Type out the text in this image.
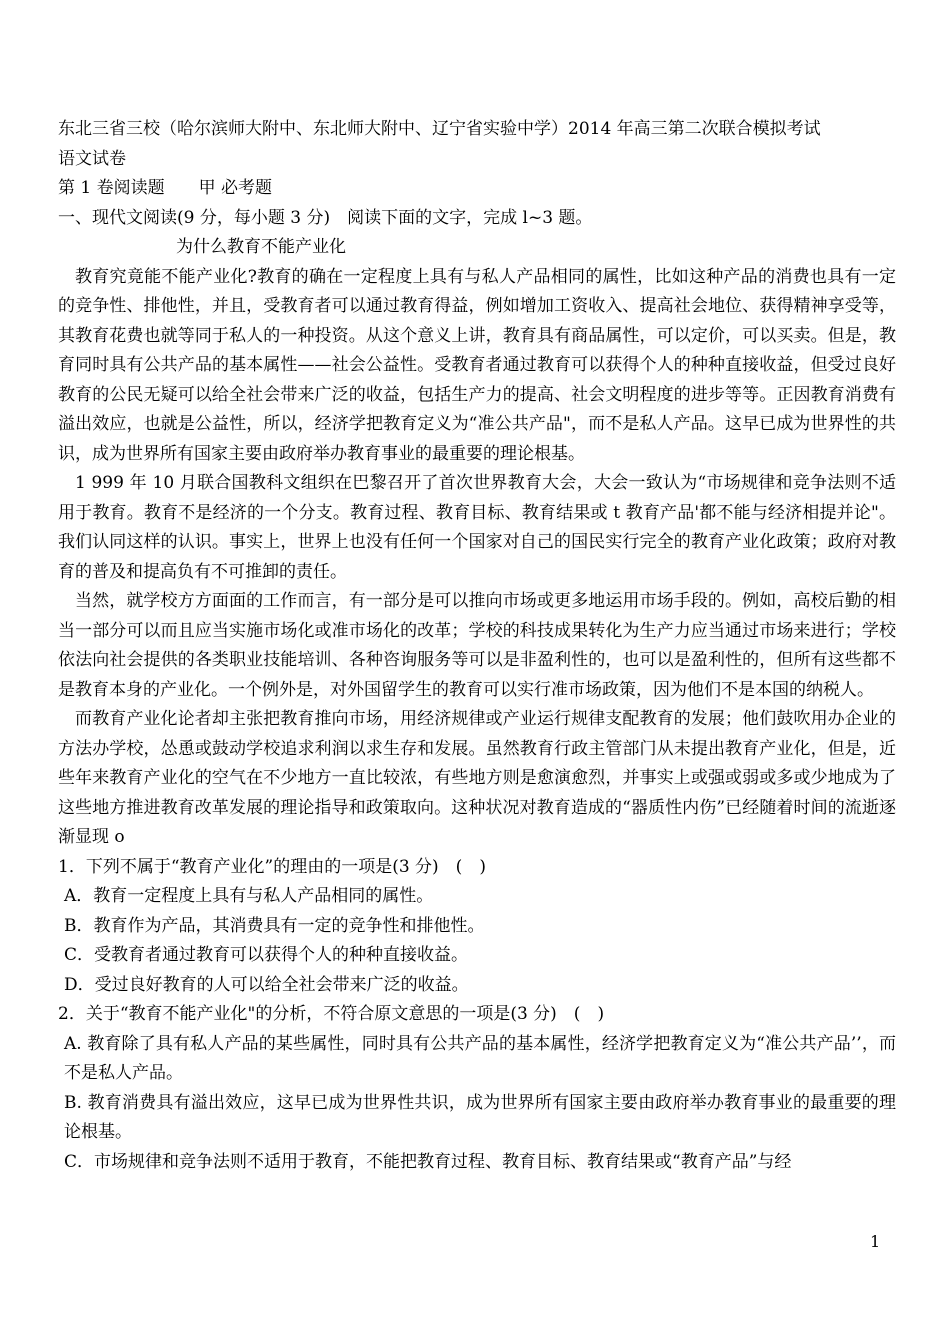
东北三省三校（哈尔滨师大附中、东北师大附中、辽宁省实验中学）2014 年高三第二次联合模拟考试
语文试卷
第 1 卷阅读题　　甲 必考题
一、现代文阅读(9 分，每小题 3 分)　阅读下面的文字，完成 l~3 题。
为什么教育不能产业化

教育究竟能不能产业化?教育的确在一定程度上具有与私人产品相同的属性，比如这种产品的消费也具有一定的竞争性、排他性，并且，受教育者可以通过教育得益，例如增加工资收入、提高社会地位、获得精神享受等，其教育花费也就等同于私人的一种投资。从这个意义上讲，教育具有商品属性，可以定价，可以买卖。但是，教育同时具有公共产品的基本属性——社会公益性。受教育者通过教育可以获得个人的种种直接收益，但受过良好教育的公民无疑可以给全社会带来广泛的收益，包括生产力的提高、社会文明程度的进步等等。正因教育消费有溢出效应，也就是公益性，所以，经济学把教育定义为“准公共产品"，而不是私人产品。这早已成为世界性的共识，成为世界所有国家主要由政府举办教育事业的最重要的理论根基。

1 999 年 10 月联合国教科文组织在巴黎召开了首次世界教育大会，大会一致认为“市场规律和竞争法则不适用于教育。教育不是经济的一个分支。教育过程、教育目标、教育结果或 t 教育产品'都不能与经济相提并论"。我们认同这样的认识。事实上，世界上也没有任何一个国家对自己的国民实行完全的教育产业化政策；政府对教育的普及和提高负有不可推卸的责任。

当然，就学校方方面面的工作而言，有一部分是可以推向市场或更多地运用市场手段的。例如，高校后勤的相当一部分可以而且应当实施市场化或准市场化的改革；学校的科技成果转化为生产力应当通过市场来进行；学校依法向社会提供的各类职业技能培训、各种咨询服务等可以是非盈利性的，也可以是盈利性的，但所有这些都不是教育本身的产业化。一个例外是，对外国留学生的教育可以实行准市场政策，因为他们不是本国的纳税人。

而教育产业化论者却主张把教育推向市场，用经济规律或产业运行规律支配教育的发展；他们鼓吹用办企业的方法办学校，怂恿或鼓动学校追求利润以求生存和发展。虽然教育行政主管部门从未提出教育产业化，但是，近些年来教育产业化的空气在不少地方一直比较浓，有些地方则是愈演愈烈，并事实上或强或弱或多或少地成为了这些地方推进教育改革发展的理论指导和政策取向。这种状况对教育造成的“器质性内伤”已经随着时间的流逝逐渐显现 o

1．下列不属于“教育产业化”的理由的一项是(3 分)　(　)
A．教育一定程度上具有与私人产品相同的属性。
B．教育作为产品，其消费具有一定的竞争性和排他性。
C．受教育者通过教育可以获得个人的种种直接收益。
D．受过良好教育的人可以给全社会带来广泛的收益。
2．关于“教育不能产业化"的分析，不符合原文意思的一项是(3 分)　(　)

A. 教育除了具有私人产品的某些属性，同时具有公共产品的基本属性，经济学把教育定义为“准公共产品’’，而不是私人产品。

B. 教育消费具有溢出效应，这早已成为世界性共识，成为世界所有国家主要由政府举办教育事业的最重要的理论根基。

C．市场规律和竞争法则不适用于教育，不能把教育过程、教育目标、教育结果或“教育产品”与经
1
